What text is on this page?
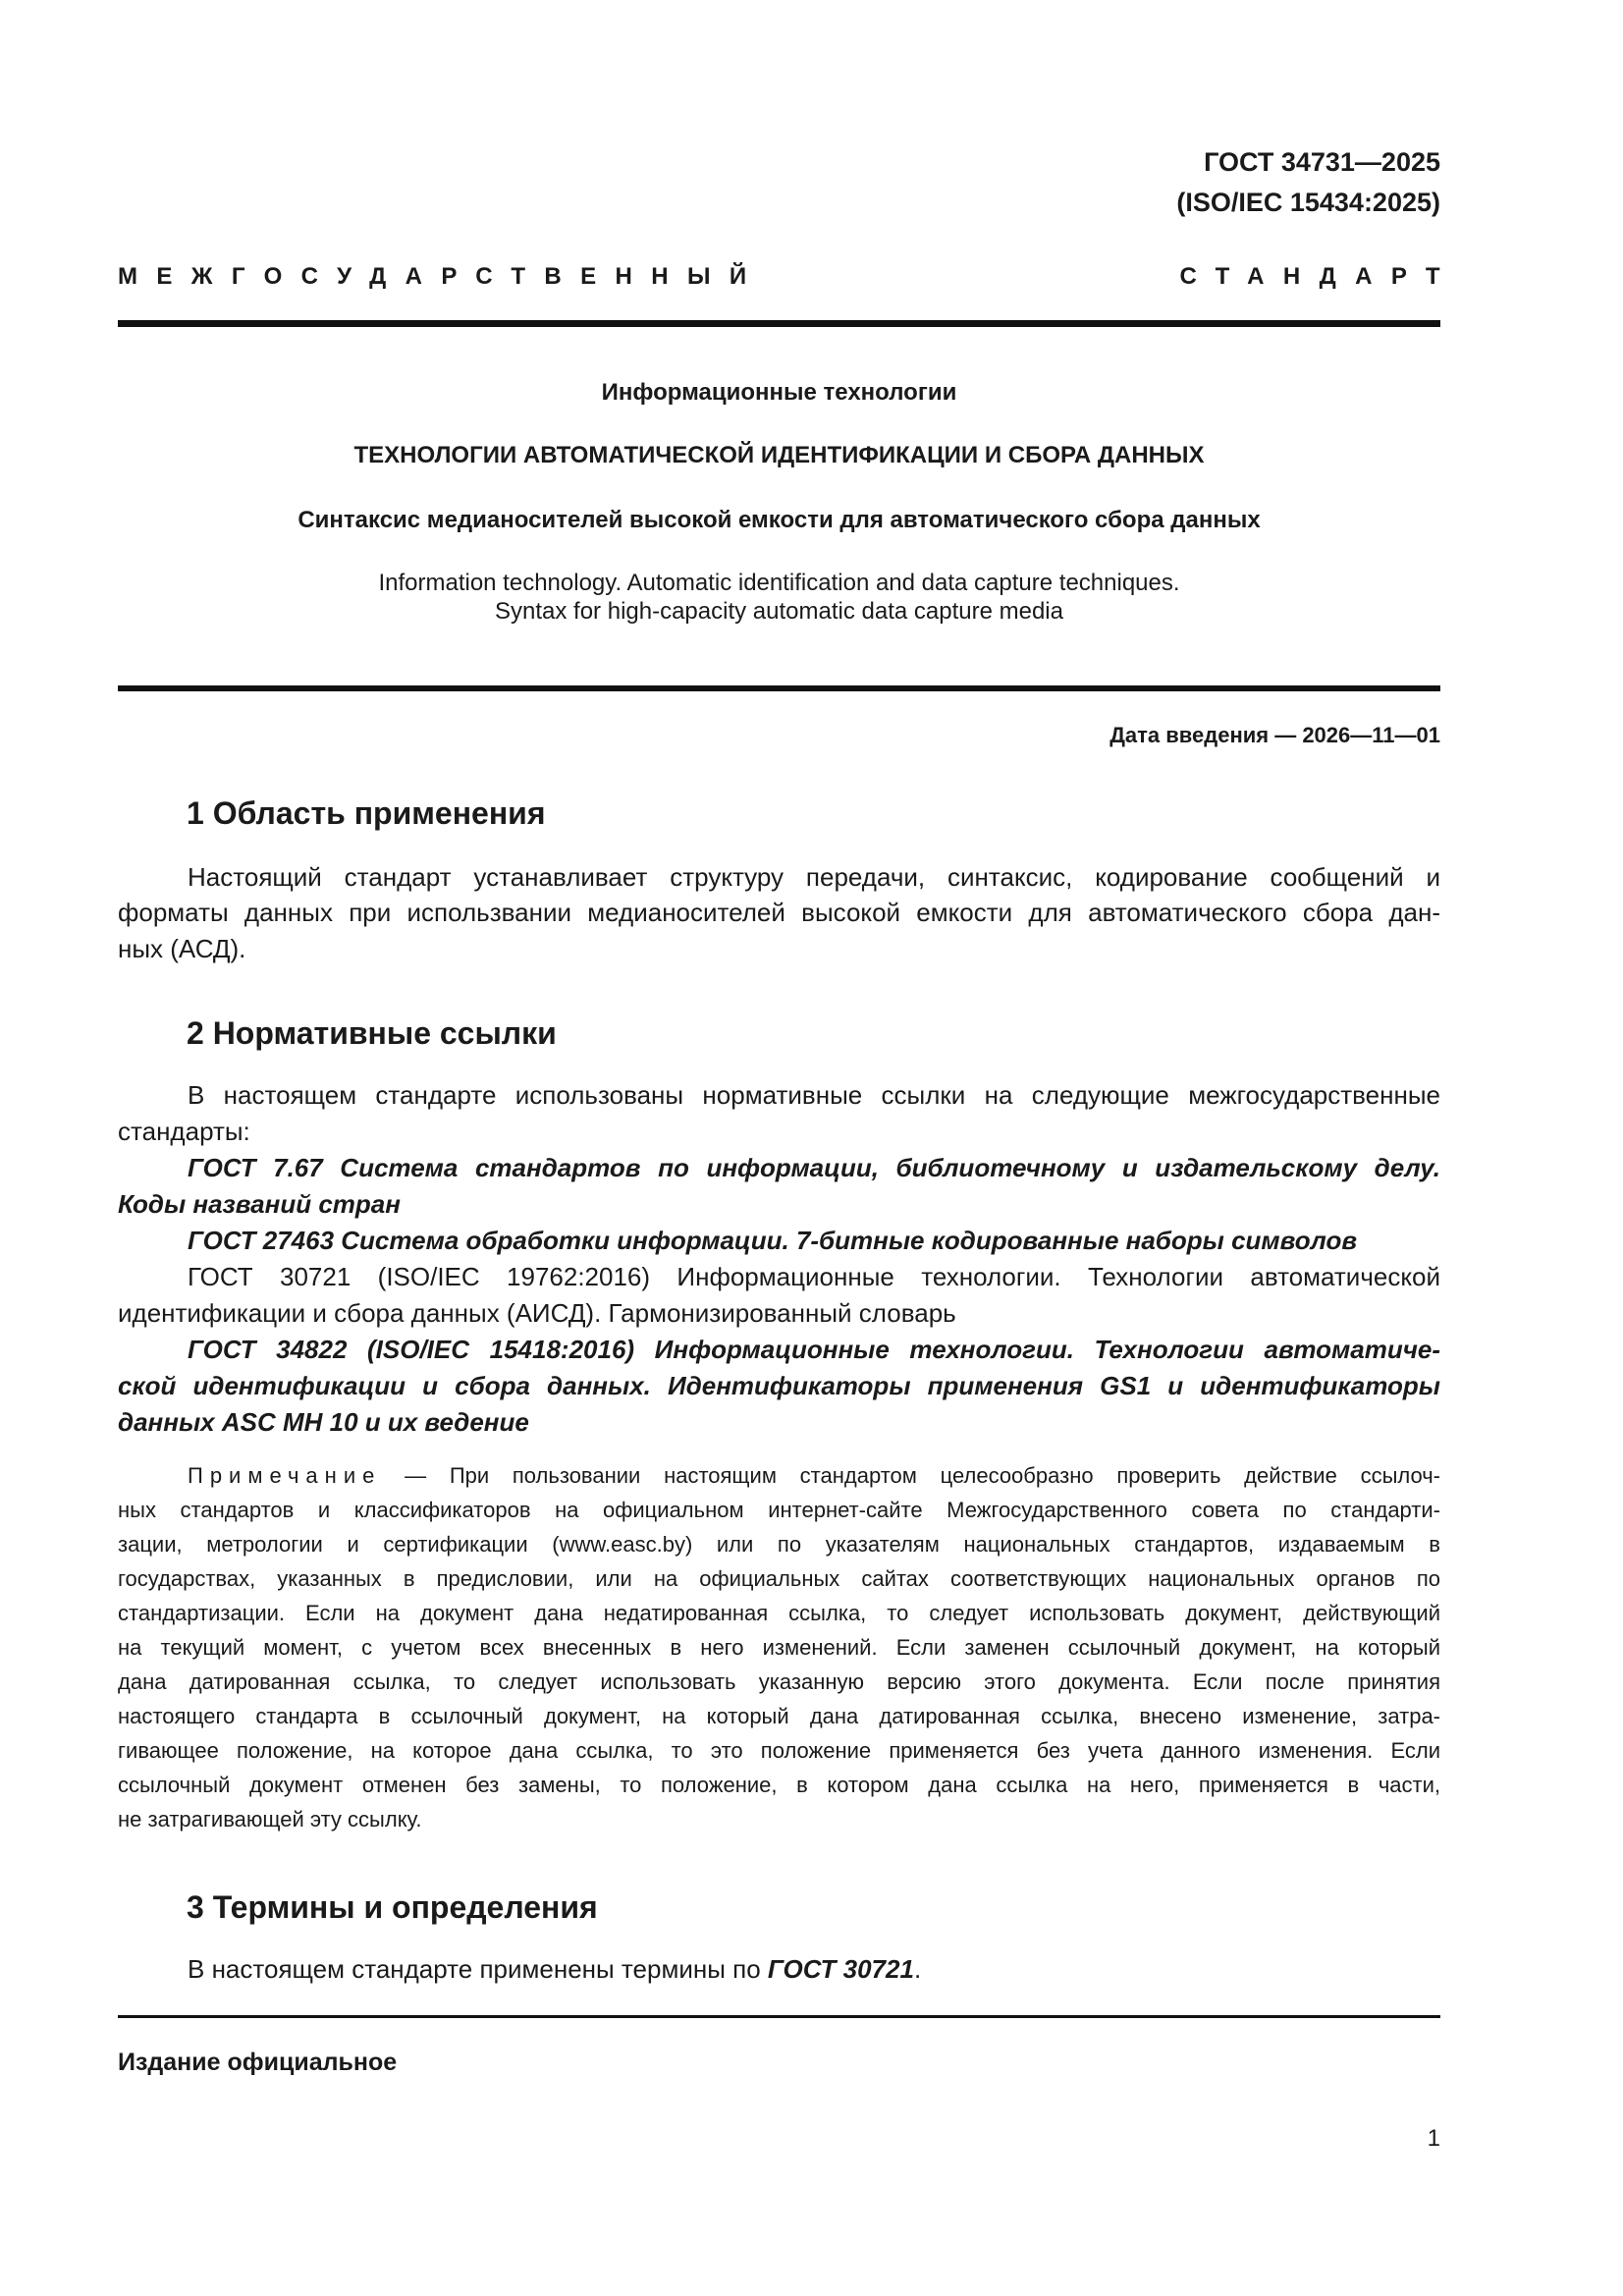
ГОСТ 34731—2025
(ISO/IEC 15434:2025)
МЕЖГОСУДАРСТВЕННЫЙ	СТАНДАРТ
Информационные технологии
ТЕХНОЛОГИИ АВТОМАТИЧЕСКОЙ ИДЕНТИФИКАЦИИ И СБОРА ДАННЫХ
Синтаксис медианосителей высокой емкости для автоматического сбора данных
Information technology. Automatic identification and data capture techniques.
Syntax for high-capacity automatic data capture media
Дата введения — 2026—11—01
1 Область применения
Настоящий стандарт устанавливает структуру передачи, синтаксис, кодирование сообщений и
форматы данных при использвании медианосителей высокой емкости для автоматического сбора дан-
ных (АСД).
2 Нормативные ссылки
В настоящем стандарте использованы нормативные ссылки на следующие межгосударственные
стандарты:
ГОСТ 7.67 Система стандартов по информации, библиотечному и издательскому делу.
Коды названий стран
ГОСТ 27463 Система обработки информации. 7-битные кодированные наборы символов
ГОСТ 30721 (ISO/IEC 19762:2016) Информационные технологии. Технологии автоматической
идентификации и сбора данных (АИСД). Гармонизированный словарь
ГОСТ 34822 (ISO/IEC 15418:2016) Информационные технологии. Технологии автоматиче-
ской идентификации и сбора данных. Идентификаторы применения GS1 и идентификаторы
данных ASC MH 10 и их ведение
Примечание — При пользовании настоящим стандартом целесообразно проверить действие ссылоч-
ных стандартов и классификаторов на официальном интернет-сайте Межгосударственного совета по стандарти-
зации, метрологии и сертификации (www.easc.by) или по указателям национальных стандартов, издаваемым в
государствах, указанных в предисловии, или на официальных сайтах соответствующих национальных органов по
стандартизации. Если на документ дана недатированная ссылка, то следует использовать документ, действующий
на текущий момент, с учетом всех внесенных в него изменений. Если заменен ссылочный документ, на который
дана датированная ссылка, то следует использовать указанную версию этого документа. Если после принятия
настоящего стандарта в ссылочный документ, на который дана датированная ссылка, внесено изменение, затра-
гивающее положение, на которое дана ссылка, то это положение применяется без учета данного изменения. Если
ссылочный документ отменен без замены, то положение, в котором дана ссылка на него, применяется в части,
не затрагивающей эту ссылку.
3 Термины и определения
В настоящем стандарте применены термины по ГОСТ 30721.
Издание официальное
1
